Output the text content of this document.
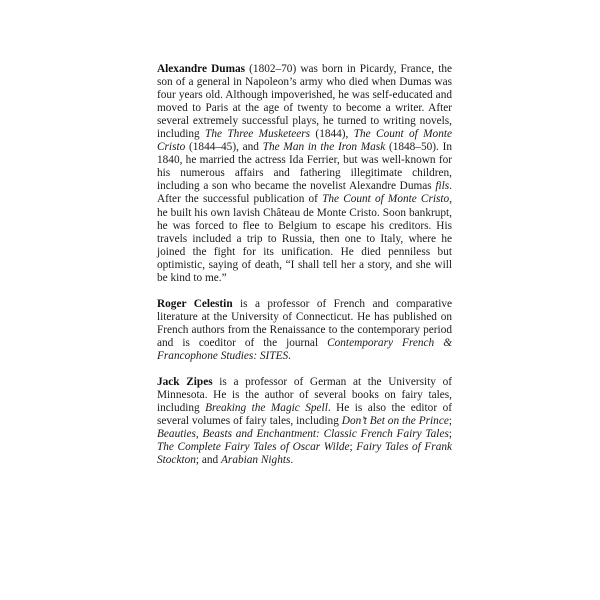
Alexandre Dumas (1802–70) was born in Picardy, France, the son of a general in Napoleon’s army who died when Dumas was four years old. Although impoverished, he was self-educated and moved to Paris at the age of twenty to become a writer. After several extremely successful plays, he turned to writing novels, including The Three Musketeers (1844), The Count of Monte Cristo (1844–45), and The Man in the Iron Mask (1848–50). In 1840, he married the actress Ida Ferrier, but was well-known for his numerous affairs and fathering illegitimate children, including a son who became the novelist Alexandre Dumas fils. After the successful publication of The Count of Monte Cristo, he built his own lavish Château de Monte Cristo. Soon bankrupt, he was forced to flee to Belgium to escape his creditors. His travels included a trip to Russia, then one to Italy, where he joined the fight for its unification. He died penniless but optimistic, saying of death, “I shall tell her a story, and she will be kind to me.”

Roger Celestin is a professor of French and comparative literature at the University of Connecticut. He has published on French authors from the Renaissance to the contemporary period and is coeditor of the journal Contemporary French & Francophone Studies: SITES.

Jack Zipes is a professor of German at the University of Minnesota. He is the author of several books on fairy tales, including Breaking the Magic Spell. He is also the editor of several volumes of fairy tales, including Don’t Bet on the Prince; Beauties, Beasts and Enchantment: Classic French Fairy Tales; The Complete Fairy Tales of Oscar Wilde; Fairy Tales of Frank Stockton; and Arabian Nights.
